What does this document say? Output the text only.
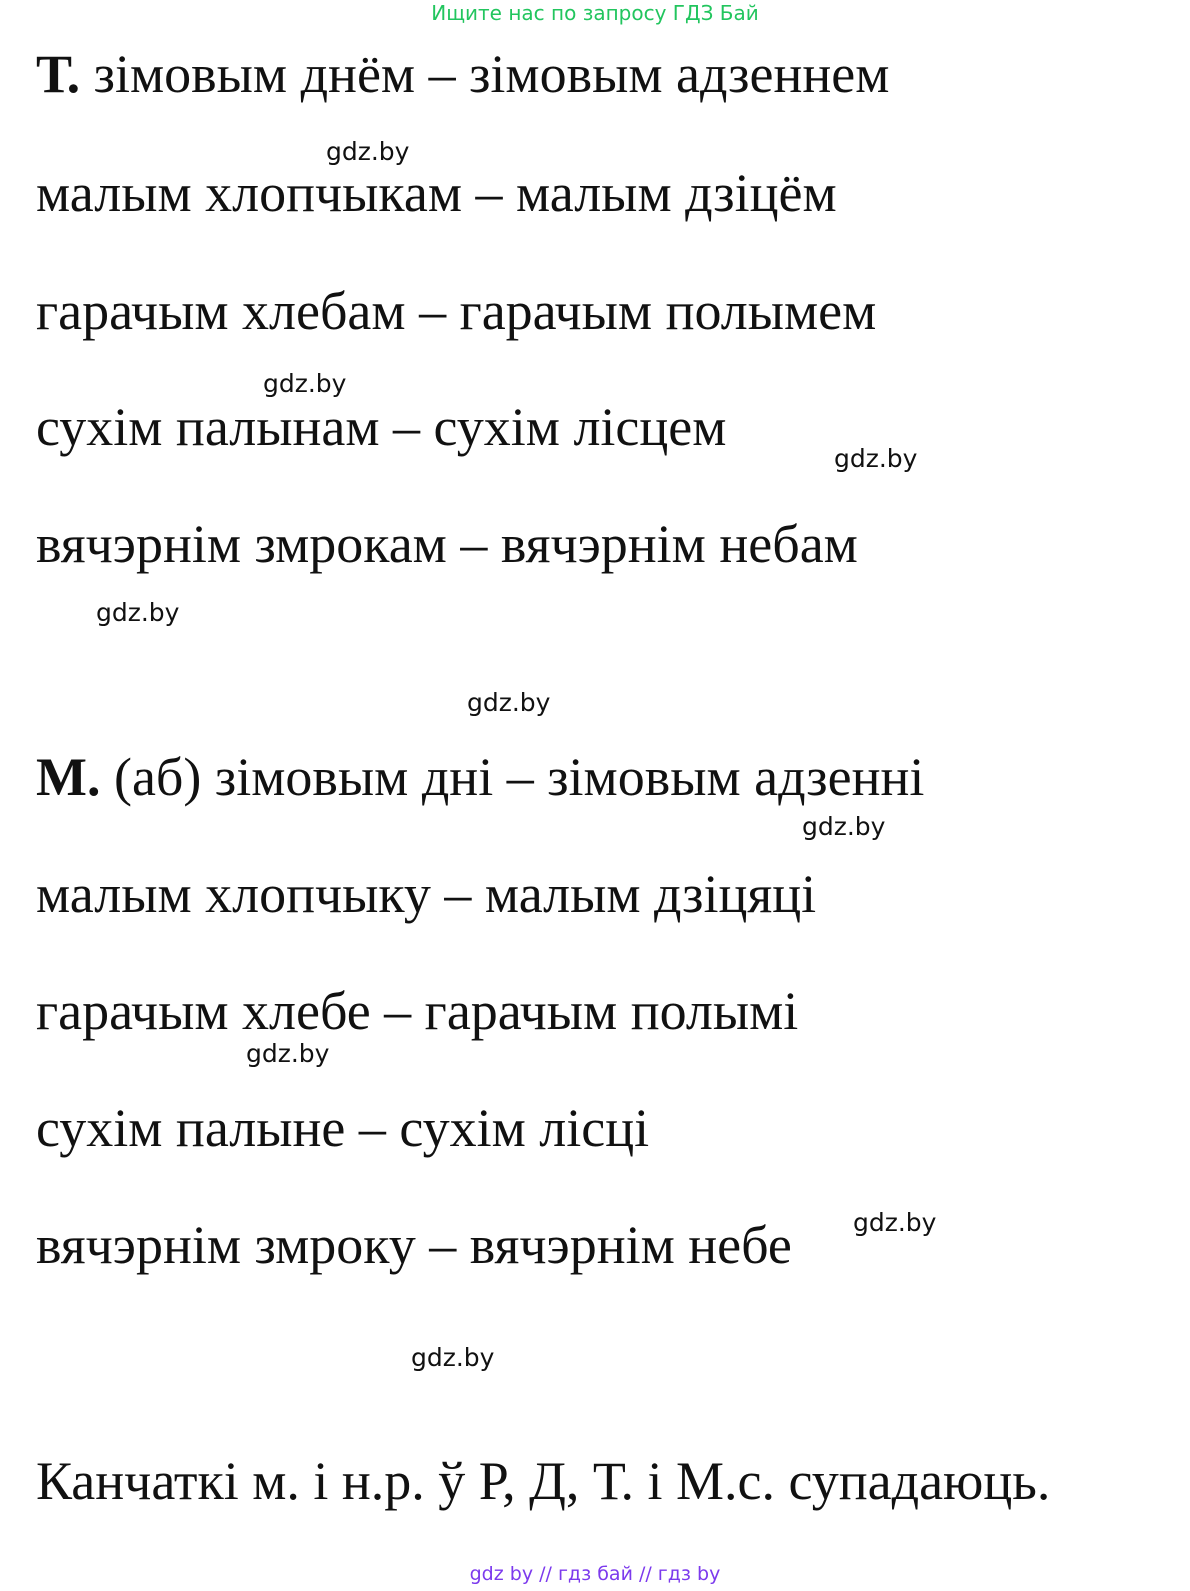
Ищите нас по запросу ГДЗ Бай
Т. зімовым днём – зімовым адзеннем
gdz.by
малым хлопчыкам – малым дзіцём
гарачым хлебам – гарачым полымем
gdz.by
сухім палынам – сухім лісцем
gdz.by
вячэрнім змрокам – вячэрнім небам
gdz.by
gdz.by
М. (аб) зімовым дні – зімовым адзенні
gdz.by
малым хлопчыку – малым дзіцяці
гарачым хлебе – гарачым полымі
gdz.by
сухім палыне – сухім лісці
вячэрнім змроку – вячэрнім небе gdz.by
gdz.by
Канчаткі м. і н.р. ў Р, Д, Т. і М.с. супадаюць.
gdz by // гдз бай // гдз by
